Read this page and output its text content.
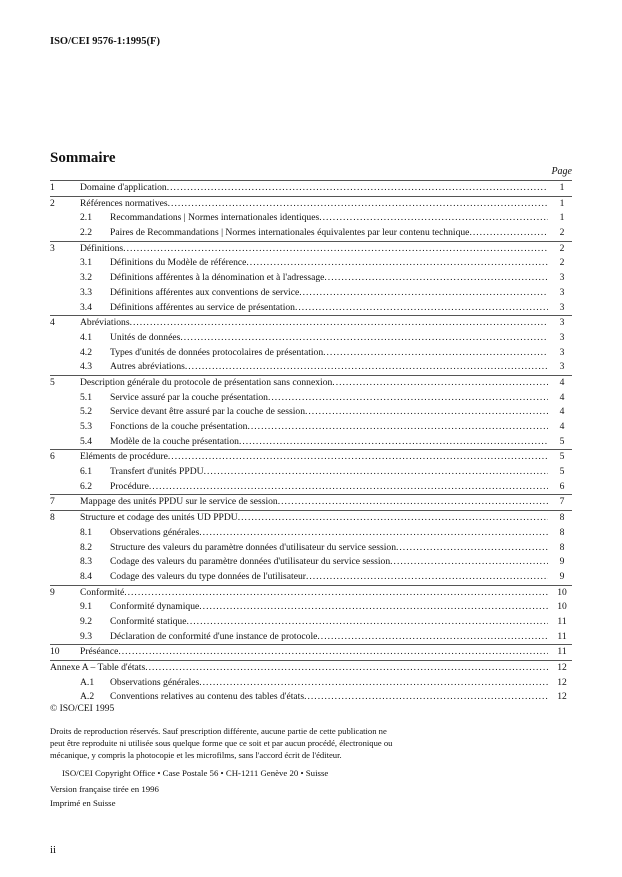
ISO/CEI 9576-1:1995(F)
Sommaire
Page
1	Domaine d'application .....	1
2	Références normatives .....	1
2.1 Recommandations | Normes internationales identiques .....	1
2.2 Paires de Recommandations | Normes internationales équivalentes par leur contenu technique .....	2
3	Définitions .....	2
3.1 Définitions du Modèle de référence .....	2
3.2 Définitions afférentes à la dénomination et à l'adressage .....	3
3.3 Définitions afférentes aux conventions de service .....	3
3.4 Définitions afférentes au service de présentation .....	3
4	Abréviations .....	3
4.1 Unités de données .....	3
4.2 Types d'unités de données protocolaires de présentation .....	3
4.3 Autres abréviations .....	3
5	Description générale du protocole de présentation sans connexion .....	4
5.1 Service assuré par la couche présentation .....	4
5.2 Service devant être assuré par la couche de session .....	4
5.3 Fonctions de la couche présentation .....	4
5.4 Modèle de la couche présentation .....	5
6	Eléments de procédure .....	5
6.1 Transfert d'unités PPDU .....	5
6.2 Procédure .....	6
7	Mappage des unités PPDU sur le service de session .....	7
8	Structure et codage des unités UD PPDU .....	8
8.1 Observations générales .....	8
8.2 Structure des valeurs du paramètre données d'utilisateur du service session .....	8
8.3 Codage des valeurs du paramètre données d'utilisateur du service session .....	9
8.4 Codage des valeurs du type données de l'utilisateur .....	9
9	Conformité .....	10
9.1 Conformité dynamique .....	10
9.2 Conformité statique .....	11
9.3 Déclaration de conformité d'une instance de protocole .....	11
10 Préséance .....	11
Annexe A – Table d'états .....	12
A.1 Observations générales .....	12
A.2 Conventions relatives au contenu des tables d'états .....	12
© ISO/CEI 1995
Droits de reproduction réservés. Sauf prescription différente, aucune partie de cette publication ne peut être reproduite ni utilisée sous quelque forme que ce soit et par aucun procédé, électronique ou mécanique, y compris la photocopie et les microfilms, sans l'accord écrit de l'éditeur.
ISO/CEI Copyright Office • Case Postale 56 • CH-1211 Genève 20 • Suisse
Version française tirée en 1996
Imprimé en Suisse
ii
